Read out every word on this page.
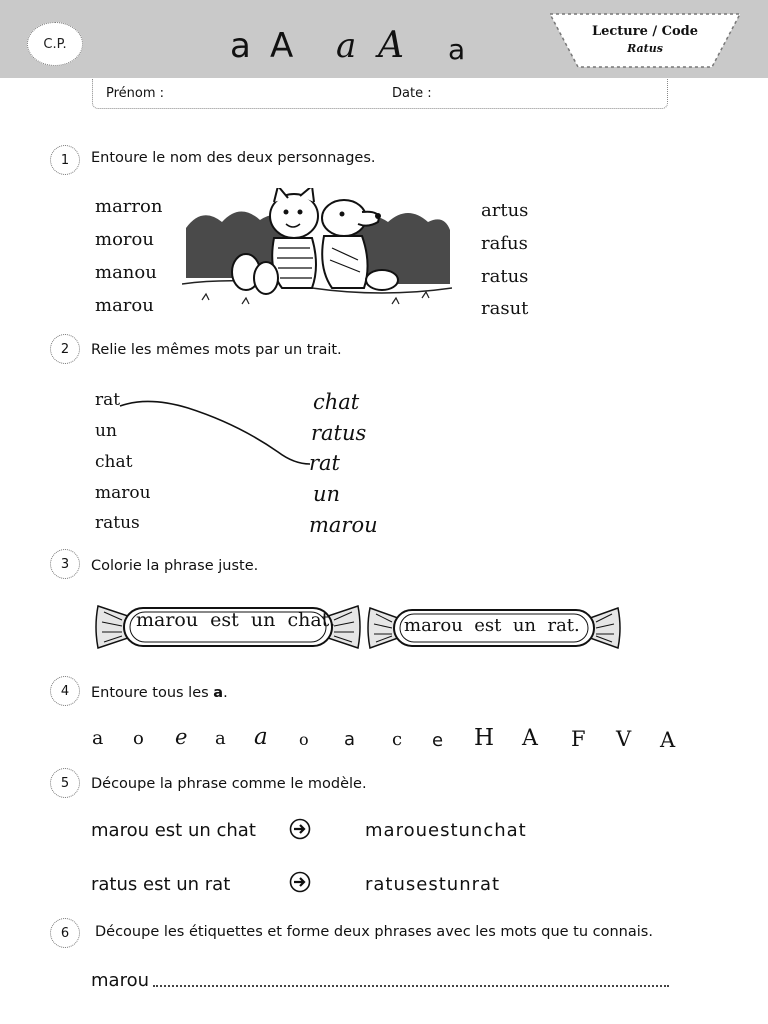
C.P.	a A	a A	a
Lecture / Code
Ratus
Prénom :	Date :
1	Entoure le nom des deux personnages.
marron
morou
manou
marou
artus
rafus
ratus
rasut
2	Relie les mêmes mots par un trait.
rat
un
chat
marou
ratus
chat
ratus
rat
un
marou
3	Colorie la phrase juste.
marou  est  un  chat.	marou  est  un  rat.
4	Entoure tous les a.
a o e a a o a c e H A F V A
5	Découpe la phrase comme le modèle.
marou est un chat	marouestunchat
ratus est un rat	ratusestunrat
6	Découpe les étiquettes et forme deux phrases avec les mots que tu connais.
marou
